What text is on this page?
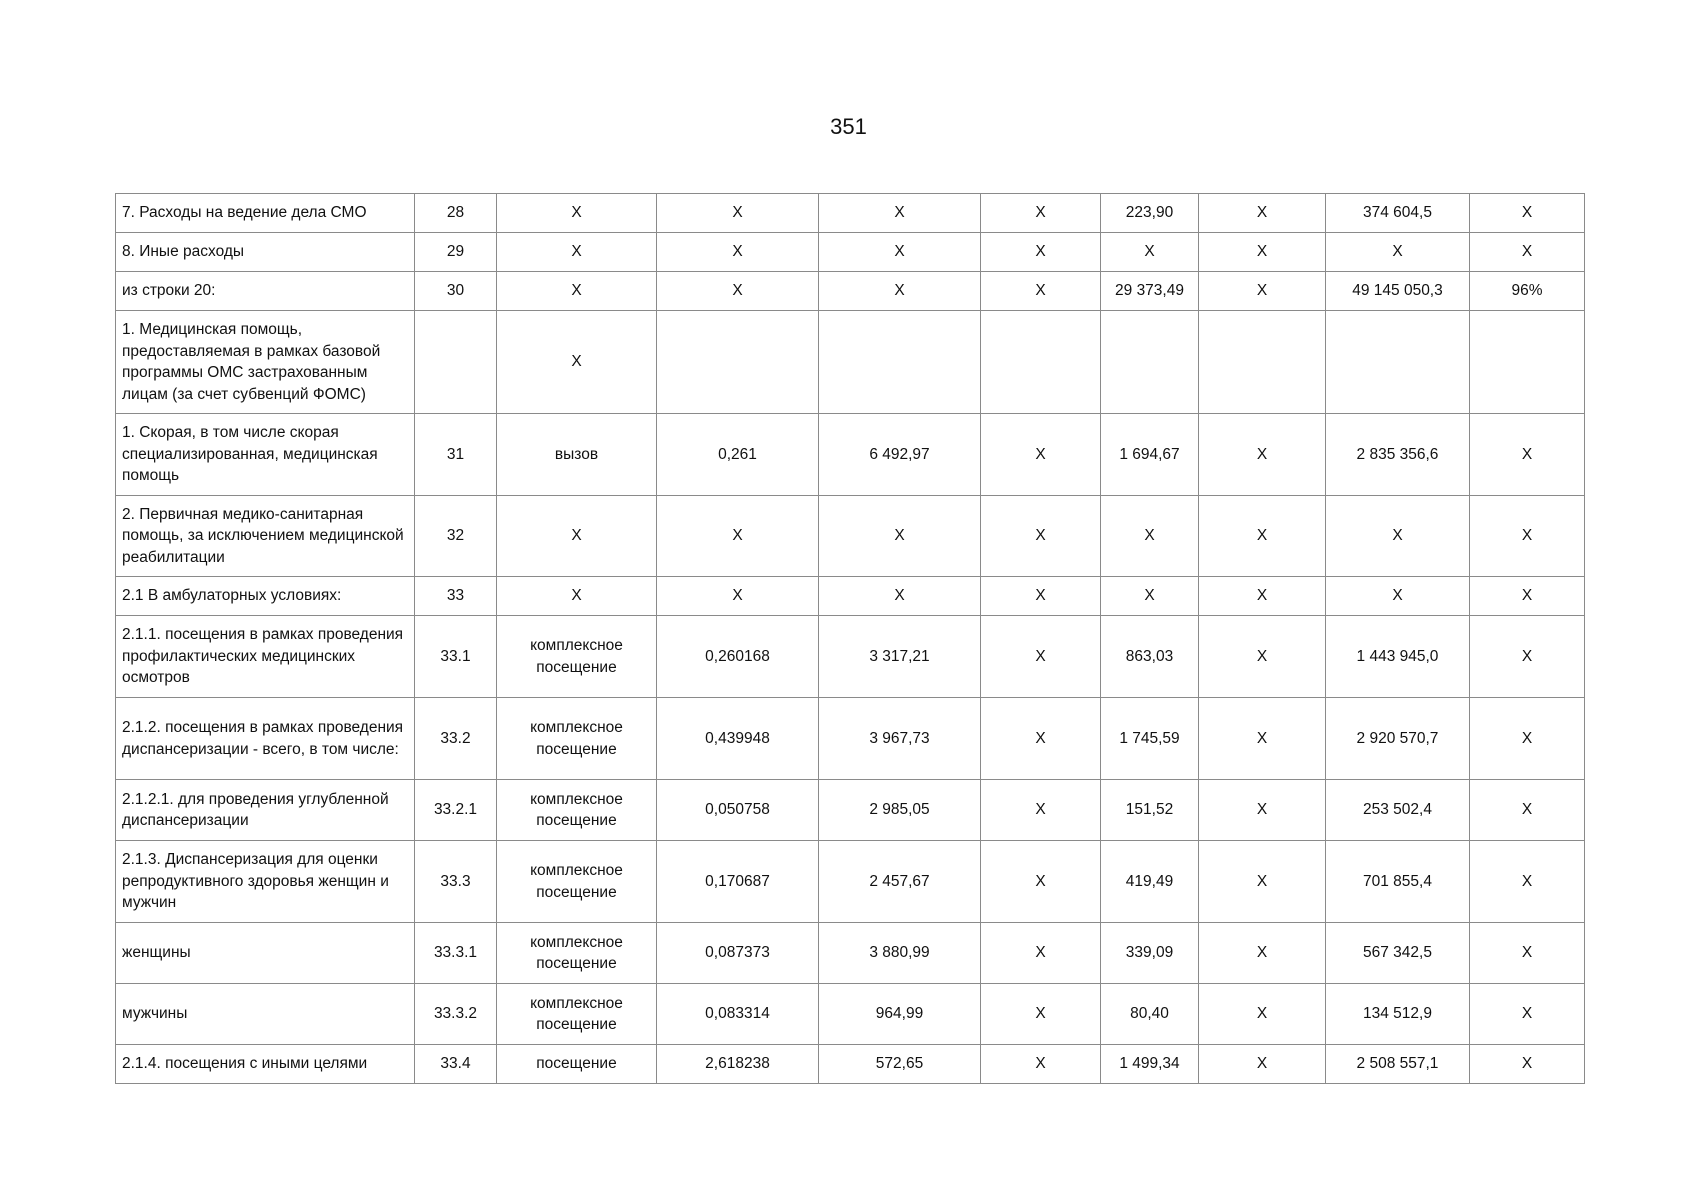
351
7. Расходы на ведение дела СМО	28	Х	Х	Х	Х	223,90	Х	374 604,5	Х
8. Иные расходы	29	Х	Х	Х	Х	Х	Х	Х	Х
из строки 20:	30	Х	Х	Х	Х	29 373,49	Х	49 145 050,3	96%
1. Медицинская помощь, предоставляемая в рамках базовой программы ОМС застрахованным лицам (за счет субвенций ФОМС)		Х							
1. Скорая, в том числе скорая специализированная, медицинская помощь	31	вызов	0,261	6 492,97	Х	1 694,67	Х	2 835 356,6	Х
2. Первичная медико-санитарная помощь, за исключением медицинской реабилитации	32	Х	Х	Х	Х	Х	Х	Х	Х
2.1 В амбулаторных условиях:	33	Х	Х	Х	Х	Х	Х	Х	Х
2.1.1. посещения в рамках проведения профилактических медицинских осмотров	33.1	комплексное посещение	0,260168	3 317,21	Х	863,03	Х	1 443 945,0	Х
2.1.2. посещения в рамках проведения диспансеризации - всего, в том числе:	33.2	комплексное посещение	0,439948	3 967,73	Х	1 745,59	Х	2 920 570,7	Х
2.1.2.1. для проведения углубленной диспансеризации	33.2.1	комплексное посещение	0,050758	2 985,05	Х	151,52	Х	253 502,4	Х
2.1.3. Диспансеризация для оценки репродуктивного здоровья женщин и мужчин	33.3	комплексное посещение	0,170687	2 457,67	Х	419,49	Х	701 855,4	Х
женщины	33.3.1	комплексное посещение	0,087373	3 880,99	Х	339,09	Х	567 342,5	Х
мужчины	33.3.2	комплексное посещение	0,083314	964,99	Х	80,40	Х	134 512,9	Х
2.1.4. посещения с иными целями	33.4	посещение	2,618238	572,65	Х	1 499,34	Х	2 508 557,1	Х
